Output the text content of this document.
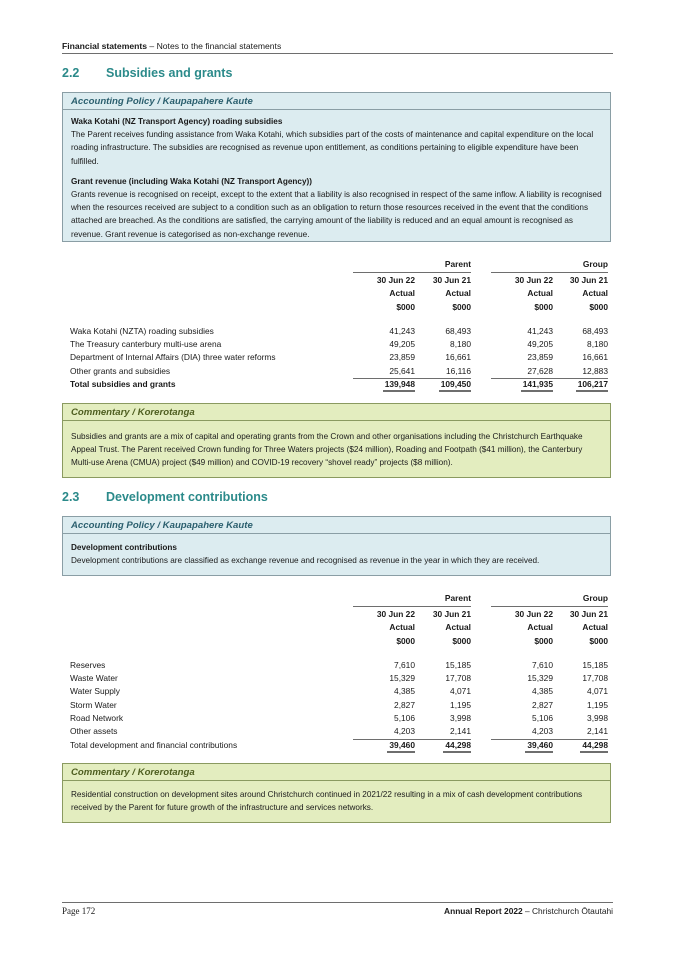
Financial statements – Notes to the financial statements
2.2 Subsidies and grants
Accounting Policy / Kaupapahere Kaute

Waka Kotahi (NZ Transport Agency) roading subsidies

The Parent receives funding assistance from Waka Kotahi, which subsidies part of the costs of maintenance and capital expenditure on the local roading infrastructure. The subsidies are recognised as revenue upon entitlement, as conditions pertaining to eligible expenditure have been fulfilled.

Grant revenue (including Waka Kotahi (NZ Transport Agency))

Grants revenue is recognised on receipt, except to the extent that a liability is also recognised in respect of the same inflow. A liability is recognised when the resources received are subject to a condition such as an obligation to return those resources received in the event that the conditions attached are breached. As the conditions are satisfied, the carrying amount of the liability is reduced and an equal amount is recognised as revenue. Grant revenue is categorised as non-exchange revenue.

Parent	Group
30 Jun 22	30 Jun 21	30 Jun 22	30 Jun 21
Actual	Actual	Actual	Actual
$000	$000	$000	$000
Waka Kotahi (NZTA) roading subsidies	41,243	68,493	41,243	68,493
The Treasury canterbury multi-use arena	49,205	8,180	49,205	8,180
Department of Internal Affairs (DIA) three water reforms	23,859	16,661	23,859	16,661
Other grants and subsidies	25,641	16,116	27,628	12,883
Total subsidies and grants	139,948	109,450	141,935	106,217
Commentary / Korerotanga

Subsidies and grants are a mix of capital and operating grants from the Crown and other organisations including the Christchurch Earthquake Appeal Trust. The Parent received Crown funding for Three Waters projects ($24 million), Roading and Footpath ($41 million), the Canterbury Multi-use Arena (CMUA) project ($49 million) and COVID-19 recovery “shovel ready” projects ($8 million).

2.3 Development contributions
Accounting Policy / Kaupapahere Kaute

Development contributions

Development contributions are classified as exchange revenue and recognised as revenue in the year in which they are received.

Parent	Group
30 Jun 22	30 Jun 21	30 Jun 22	30 Jun 21
Actual	Actual	Actual	Actual
$000	$000	$000	$000
Reserves	7,610	15,185	7,610	15,185
Waste Water	15,329	17,708	15,329	17,708
Water Supply	4,385	4,071	4,385	4,071
Storm Water	2,827	1,195	2,827	1,195
Road Network	5,106	3,998	5,106	3,998
Other assets	4,203	2,141	4,203	2,141
Total development and financial contributions	39,460	44,298	39,460	44,298
Commentary / Korerotanga

Residential construction on development sites around Christchurch continued in 2021/22 resulting in a mix of cash development contributions received by the Parent for future growth of the infrastructure and services networks.

Page 172	Annual Report 2022 – Christchurch Ōtautahi
